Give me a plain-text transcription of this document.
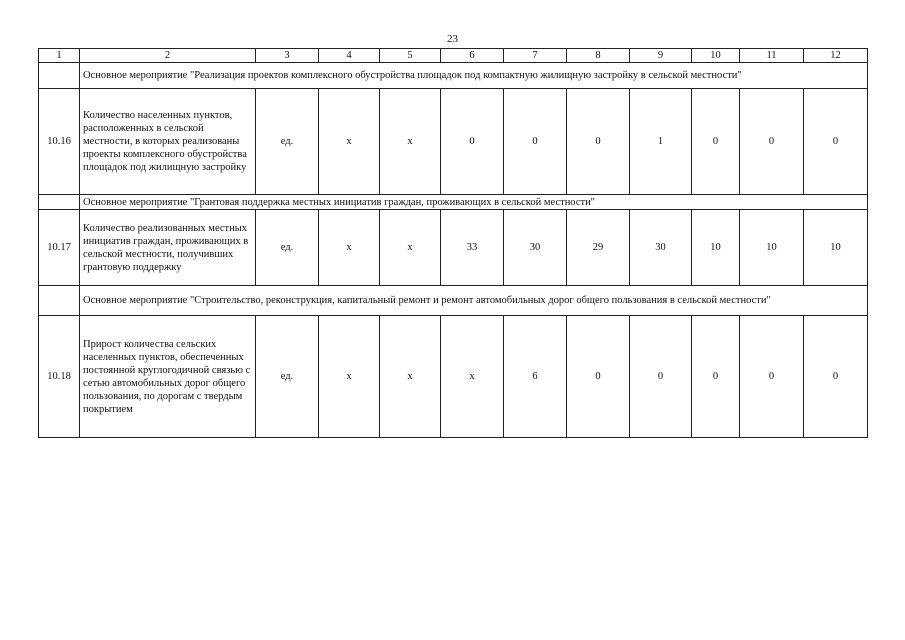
23
1	2	3	4	5	6	7	8	9	10	11	12
	Основное мероприятие "Реализация проектов комплексного обустройства площадок под компактную жилищную застройку в сельской местности"										
10.16	Количество населенных пунктов, расположенных в сельской местности, в которых реализованы проекты комплексного обустройства площадок под жилищную застройку	ед.	х	х	0	0	0	1	0	0	0
	Основное мероприятие "Грантовая поддержка местных инициатив граждан, проживающих в сельской местности"										
10.17	Количество реализованных местных инициатив граждан, проживающих в сельской местности, получивших грантовую поддержку	ед.	х	х	33	30	29	30	10	10	10
	Основное мероприятие "Строительство, реконструкция, капитальный ремонт и ремонт автомобильных дорог общего пользования в сельской местности"										
10.18	Прирост количества сельских населенных пунктов, обеспеченных постоянной круглогодичной связью с сетью автомобильных дорог общего пользования, по дорогам с твердым покрытием	ед.	х	х	х	6	0	0	0	0	0
